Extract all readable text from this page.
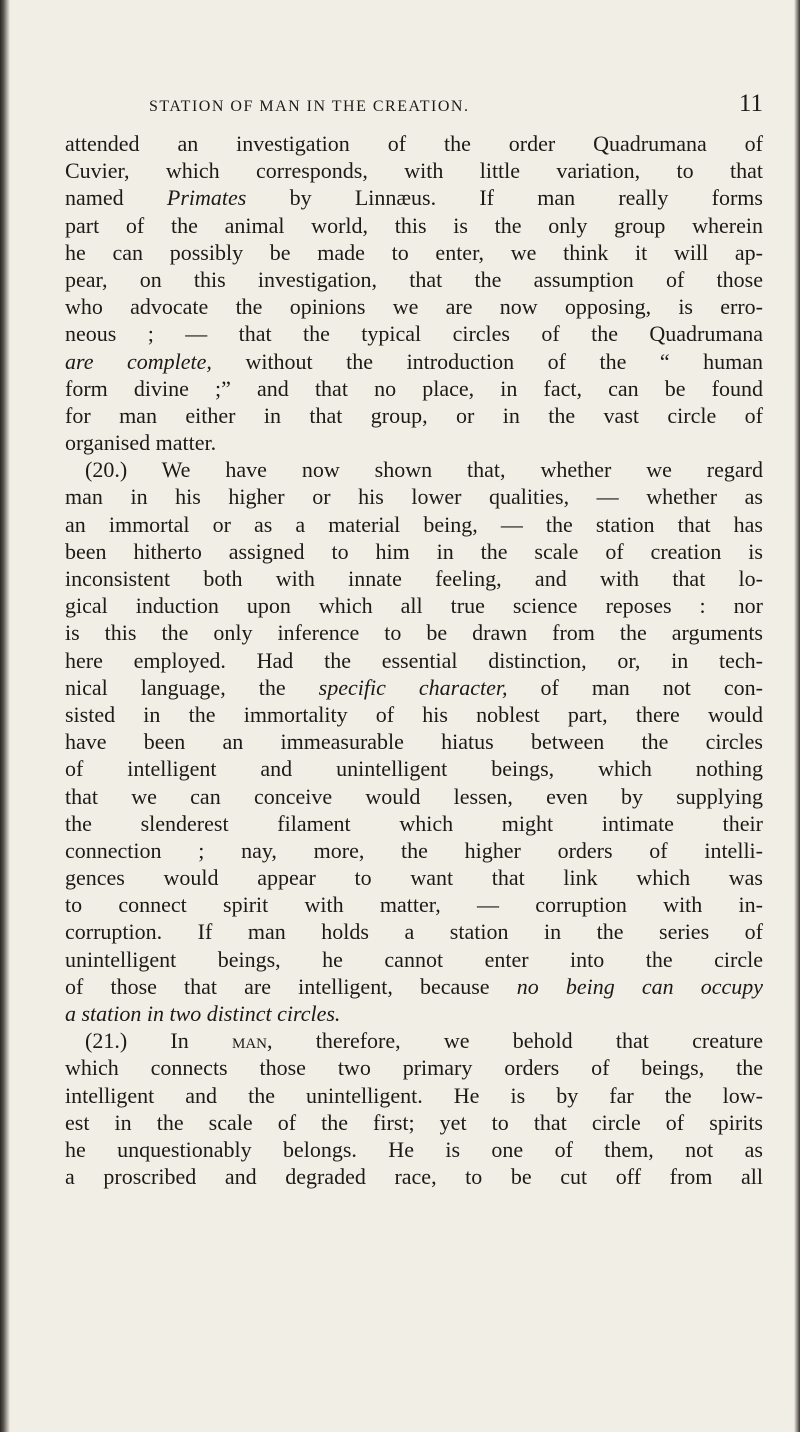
STATION OF MAN IN THE CREATION.	11
attended an investigation of the order Quadrumana of
Cuvier, which corresponds, with little variation, to that
named Primates by Linnæus. If man really forms
part of the animal world, this is the only group wherein
he can possibly be made to enter, we think it will ap-
pear, on this investigation, that the assumption of those
who advocate the opinions we are now opposing, is erro-
neous ; — that the typical circles of the Quadrumana
are complete, without the introduction of the “ human
form divine ;” and that no place, in fact, can be found
for man either in that group, or in the vast circle of
organised matter.
(20.) We have now shown that, whether we regard
man in his higher or his lower qualities, — whether as
an immortal or as a material being, — the station that has
been hitherto assigned to him in the scale of creation is
inconsistent both with innate feeling, and with that lo-
gical induction upon which all true science reposes : nor
is this the only inference to be drawn from the arguments
here employed. Had the essential distinction, or, in tech-
nical language, the specific character, of man not con-
sisted in the immortality of his noblest part, there would
have been an immeasurable hiatus between the circles
of intelligent and unintelligent beings, which nothing
that we can conceive would lessen, even by supplying
the slenderest filament which might intimate their
connection ; nay, more, the higher orders of intelli-
gences would appear to want that link which was
to connect spirit with matter, — corruption with in-
corruption. If man holds a station in the series of
unintelligent beings, he cannot enter into the circle
of those that are intelligent, because no being can occupy
a station in two distinct circles.
(21.) In man, therefore, we behold that creature
which connects those two primary orders of beings, the
intelligent and the unintelligent. He is by far the low-
est in the scale of the first; yet to that circle of spirits
he unquestionably belongs. He is one of them, not as
a proscribed and degraded race, to be cut off from all
